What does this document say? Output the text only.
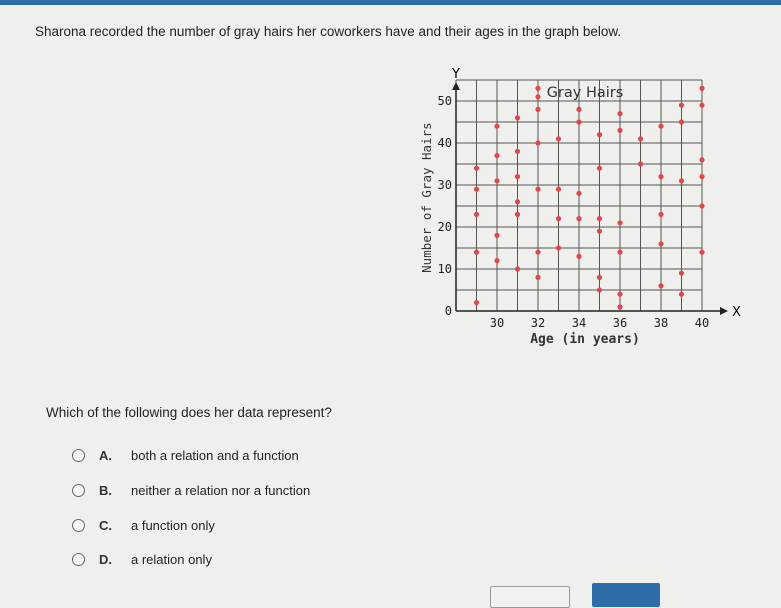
Sharona recorded the number of gray hairs her coworkers have and their ages in the graph below.
X
Y
Gray Hairs
30 32 34 36 38 40
0
10
20
30
40
50
Age (in years)
Number of Gray Hairs
Which of the following does her data represent?
A.	both a relation and a function
B.	neither a relation nor a function
C.	a function only
D.	a relation only
